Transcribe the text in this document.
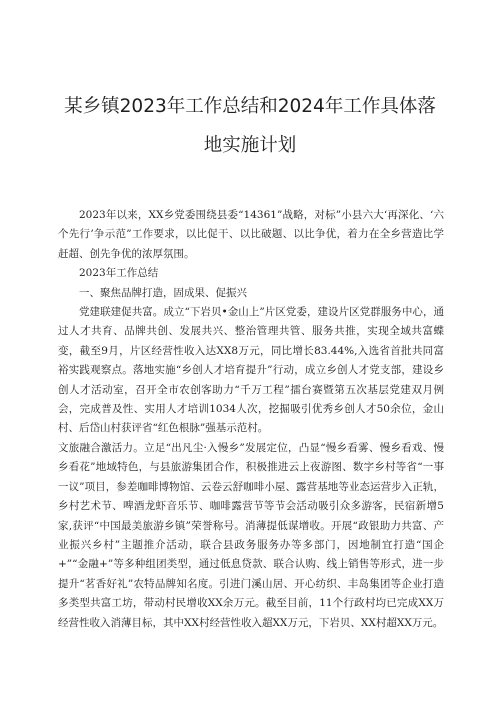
某乡镇2023年工作总结和2024年工作具体落
地实施计划

2023年以来，XX乡党委围绕县委“14361”战略，对标”小县六大‘再深化、‘六个先行’争示范”工作要求，以比促干、以比破题、以比争优，着力在全乡营造比学赶超、创先争优的浓厚氛围。

2023年工作总结

一、聚焦品牌打造，固成果、促振兴

党建联建促共富。成立“下岩贝•金山上”片区党委，建设片区党群服务中心，通过人才共育、品牌共创、发展共兴、整治管理共管、服务共推，实现全域共富蝶变，截至9月，片区经营性收入达XX8万元，同比增长83.44%,入选省首批共同富裕实践观察点。落地实施“乡创人才培育提升”行动，成立乡创人才党支部，建设乡创人才活动室，召开全市农创客助力“千万工程”擂台赛暨第五次基层党建双月例会，完成普及性、实用人才培训1034人次，挖掘吸引优秀乡创人才50余位，金山村、后岱山村获评省“红色根脉”强基示范村。

文旅融合激活力。立足“出凡尘·入慢乡”发展定位，凸显“慢乡看雾、慢乡看戏、慢乡看花”地域特色，与县旅游集团合作，积极推进云上夜游图、数字乡村等省“一事一议”项目，参差咖啡博物馆、云卷云舒咖啡小屋、露营基地等业态运营步入正轨，乡村艺术节、啤酒龙虾音乐节、咖啡露营节等节会活动吸引众多游客，民宿新增5家,获评“中国最美旅游乡镇”荣誉称号。消薄提低谋增收。开展“政银助力共富、产业振兴乡村”主题推介活动，联合县政务服务办等多部门，因地制宜打造“国企+”“金融+”等多种组团类型，通过低息贷款、联合认购、线上销售等形式，进一步提升“茗香好礼”农特品牌知名度。引进门溪山居、开心纺织、丰岛集团等企业打造多类型共富工坊，带动村民增收XX余万元。截至目前，11个行政村均已完成XX万经营性收入消薄目标，其中XX村经营性收入超XX万元，下岩贝、XX村超XX万元。
